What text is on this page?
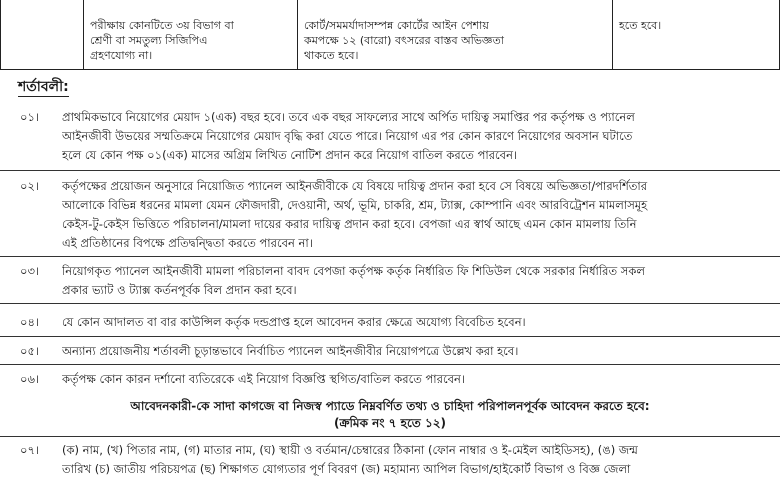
পরীক্ষায় কোনটিতে ৩য় বিভাগ বা
শ্রেণী বা সমতুল্য সিজিপিএ
গ্রহণযোগ্য না।
কোর্ট/সমমর্যাদাসম্পন্ন কোর্টের আইন পেশায়
কমপক্ষে ১২ (বারো) বৎসরের বাস্তব অভিজ্ঞতা
থাকতে হবে।
হতে হবে।
শর্তাবলী:
০১। প্রাথমিকভাবে নিয়োগের মেয়াদ ১(এক) বছর হবে। তবে এক বছর সাফল্যের সাথে অর্পিত দায়িত্ব সমাপ্তির পর কর্তৃপক্ষ ও প্যানেল
আইনজীবী উভয়ের সম্মতিক্রমে নিয়োগের মেয়াদ বৃদ্ধি করা যেতে পারে। নিয়োগ এর পর কোন কারণে নিয়োগের অবসান ঘটাতে
হলে যে কোন পক্ষ ০১(এক) মাসের অগ্রিম লিখিত নোটিশ প্রদান করে নিয়োগ বাতিল করতে পারবেন।
০২। কর্তৃপক্ষের প্রয়োজন অনুসারে নিয়োজিত প্যানেল আইনজীবীকে যে বিষয়ে দায়িত্ব প্রদান করা হবে সে বিষয়ে অভিজ্ঞতা/পারদর্শিতার
আলোকে বিভিন্ন ধরনের মামলা যেমন ফৌজদারী, দেওয়ানী, অর্থ, ভূমি, চাকরি, শ্রম, ট্যাক্স, কোম্পানি এবং আরবিট্রেশন মামলাসমূহ
কেইস-টু-কেইস ভিত্তিতে পরিচালনা/মামলা দায়ের করার দায়িত্ব প্রদান করা হবে। বেপজা এর স্বার্থ আছে এমন কোন মামলায় তিনি
এই প্রতিষ্ঠানের বিপক্ষে প্রতিদ্বন্দ্বিতা করতে পারবেন না।
০৩। নিয়োগকৃত প্যানেল আইনজীবী মামলা পরিচালনা বাবদ বেপজা কর্তৃপক্ষ কর্তৃক নির্ধারিত ফি শিডিউল থেকে সরকার নির্ধারিত সকল
প্রকার ভ্যাট ও ট্যাক্স কর্তনপূর্বক বিল প্রদান করা হবে।
০৪। যে কোন আদালত বা বার কাউন্সিল কর্তৃক দন্ডপ্রাপ্ত হলে আবেদন করার ক্ষেত্রে অযোগ্য বিবেচিত হবেন।
০৫। অন্যান্য প্রয়োজনীয় শর্তাবলী চূড়ান্তভাবে নির্বাচিত প্যানেল আইনজীবীর নিয়োগপত্রে উল্লেখ করা হবে।
০৬। কর্তৃপক্ষ কোন কারন দর্শানো ব্যতিরেকে এই নিয়োগ বিজ্ঞপ্তি স্থগিত/বাতিল করতে পারবেন।
আবেদনকারী-কে সাদা কাগজে বা নিজস্ব প্যাডে নিম্নবর্ণিত তথ্য ও চাহিদা পরিপালনপূর্বক আবেদন করতে হবে:
(ক্রমিক নং ৭ হতে ১২)
০৭। (ক) নাম, (খ) পিতার নাম, (গ) মাতার নাম, (ঘ) স্থায়ী ও বর্তমান/চেম্বারের ঠিকানা (ফোন নাম্বার ও ই-মেইল আইডিসহ), (ঙ) জন্ম
তারিখ (চ) জাতীয় পরিচয়পত্র (ছ) শিক্ষাগত যোগ্যতার পূর্ণ বিবরণ (জ) মহামান্য আপিল বিভাগ/হাইকোর্ট বিভাগ ও বিজ্ঞ জেলা
